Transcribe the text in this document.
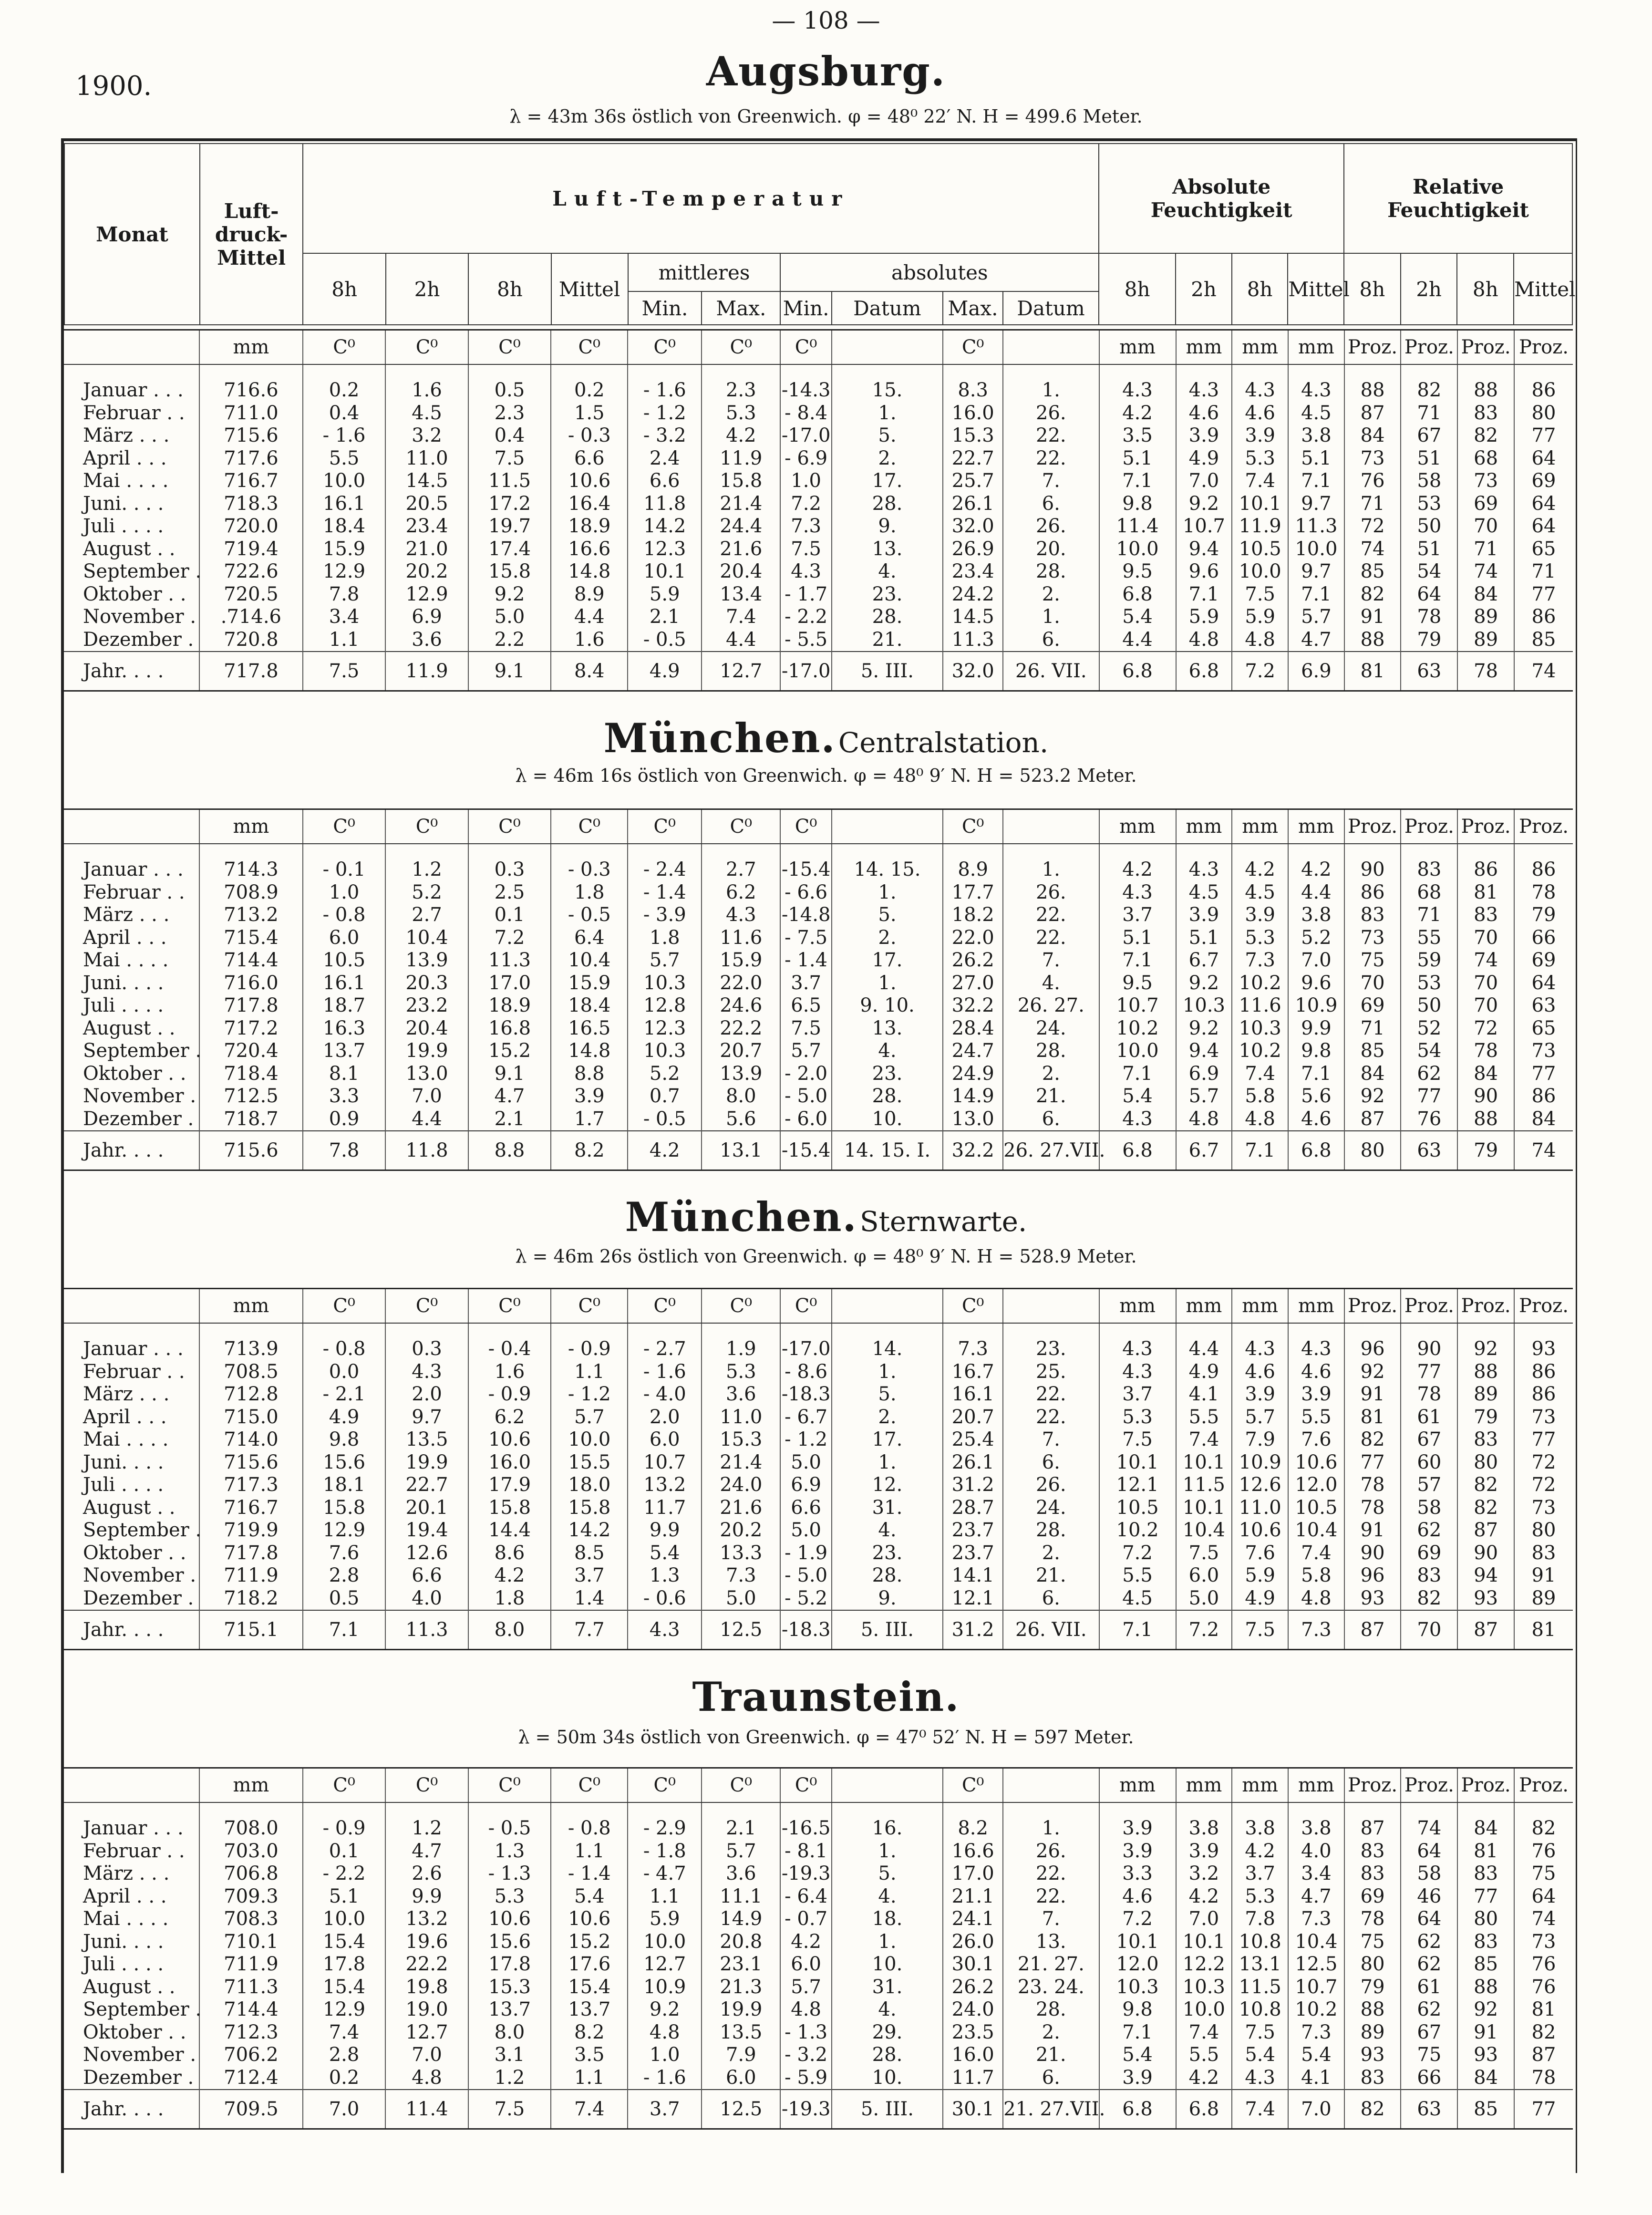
— 108 —
1900.	Augsburg.
λ = 43m 36s östlich von Greenwich. φ = 48⁰ 22′ N. H = 499.6 Meter.
München. Centralstation.
λ = 46m 16s östlich von Greenwich. φ = 48⁰ 9′ N. H = 523.2 Meter.
München. Sternwarte.
λ = 46m 26s östlich von Greenwich. φ = 48⁰ 9′ N. H = 528.9 Meter.
Traunstein.
λ = 50m 34s östlich von Greenwich. φ = 47⁰ 52′ N. H = 597 Meter.
Monat	Luft-druck-Mittel	Luft-Temperatur										Absolute Feuchtigkeit				Relative Feuchtigkeit			
		8h	2h	8h	Mittel	mittleres		absolutes				8h	2h	8h	Mittel	8h	2h	8h	Mittel
						Min.	Max.	Min.	Datum	Max.	Datum								
	mm	C⁰	C⁰	C⁰	C⁰	C⁰	C⁰	C⁰		C⁰		mm	mm	mm	mm	Proz.	Proz.	Proz.	Proz.
Januar . . .	716.6	0.2	1.6	0.5	0.2	- 1.6	2.3	-14.3	15.	8.3	1.	4.3	4.3	4.3	4.3	88	82	88	86
Februar . .	711.0	0.4	4.5	2.3	1.5	- 1.2	5.3	- 8.4	1.	16.0	26.	4.2	4.6	4.6	4.5	87	71	83	80
März . . .	715.6	- 1.6	3.2	0.4	- 0.3	- 3.2	4.2	-17.0	5.	15.3	22.	3.5	3.9	3.9	3.8	84	67	82	77
April . . .	717.6	5.5	11.0	7.5	6.6	2.4	11.9	- 6.9	2.	22.7	22.	5.1	4.9	5.3	5.1	73	51	68	64
Mai . . . .	716.7	10.0	14.5	11.5	10.6	6.6	15.8	1.0	17.	25.7	7.	7.1	7.0	7.4	7.1	76	58	73	69
Juni. . . .	718.3	16.1	20.5	17.2	16.4	11.8	21.4	7.2	28.	26.1	6.	9.8	9.2	10.1	9.7	71	53	69	64
Juli . . . .	720.0	18.4	23.4	19.7	18.9	14.2	24.4	7.3	9.	32.0	26.	11.4	10.7	11.9	11.3	72	50	70	64
August . .	719.4	15.9	21.0	17.4	16.6	12.3	21.6	7.5	13.	26.9	20.	10.0	9.4	10.5	10.0	74	51	71	65
September .	722.6	12.9	20.2	15.8	14.8	10.1	20.4	4.3	4.	23.4	28.	9.5	9.6	10.0	9.7	85	54	74	71
Oktober . .	720.5	7.8	12.9	9.2	8.9	5.9	13.4	- 1.7	23.	24.2	2.	6.8	7.1	7.5	7.1	82	64	84	77
November .	.714.6	3.4	6.9	5.0	4.4	2.1	7.4	- 2.2	28.	14.5	1.	5.4	5.9	5.9	5.7	91	78	89	86
Dezember .	720.8	1.1	3.6	2.2	1.6	- 0.5	4.4	- 5.5	21.	11.3	6.	4.4	4.8	4.8	4.7	88	79	89	85
Jahr. . . .	717.8	7.5	11.9	9.1	8.4	4.9	12.7	-17.0	5. III.	32.0	26. VII.	6.8	6.8	7.2	6.9	81	63	78	74
	mm	C⁰	C⁰	C⁰	C⁰	C⁰	C⁰	C⁰		C⁰		mm	mm	mm	mm	Proz.	Proz.	Proz.	Proz.
Januar . . .	714.3	- 0.1	1.2	0.3	- 0.3	- 2.4	2.7	-15.4	14. 15.	8.9	1.	4.2	4.3	4.2	4.2	90	83	86	86
Februar . .	708.9	1.0	5.2	2.5	1.8	- 1.4	6.2	- 6.6	1.	17.7	26.	4.3	4.5	4.5	4.4	86	68	81	78
März . . .	713.2	- 0.8	2.7	0.1	- 0.5	- 3.9	4.3	-14.8	5.	18.2	22.	3.7	3.9	3.9	3.8	83	71	83	79
April . . .	715.4	6.0	10.4	7.2	6.4	1.8	11.6	- 7.5	2.	22.0	22.	5.1	5.1	5.3	5.2	73	55	70	66
Mai . . . .	714.4	10.5	13.9	11.3	10.4	5.7	15.9	- 1.4	17.	26.2	7.	7.1	6.7	7.3	7.0	75	59	74	69
Juni. . . .	716.0	16.1	20.3	17.0	15.9	10.3	22.0	3.7	1.	27.0	4.	9.5	9.2	10.2	9.6	70	53	70	64
Juli . . . .	717.8	18.7	23.2	18.9	18.4	12.8	24.6	6.5	9. 10.	32.2	26. 27.	10.7	10.3	11.6	10.9	69	50	70	63
August . .	717.2	16.3	20.4	16.8	16.5	12.3	22.2	7.5	13.	28.4	24.	10.2	9.2	10.3	9.9	71	52	72	65
September .	720.4	13.7	19.9	15.2	14.8	10.3	20.7	5.7	4.	24.7	28.	10.0	9.4	10.2	9.8	85	54	78	73
Oktober . .	718.4	8.1	13.0	9.1	8.8	5.2	13.9	- 2.0	23.	24.9	2.	7.1	6.9	7.4	7.1	84	62	84	77
November .	712.5	3.3	7.0	4.7	3.9	0.7	8.0	- 5.0	28.	14.9	21.	5.4	5.7	5.8	5.6	92	77	90	86
Dezember .	718.7	0.9	4.4	2.1	1.7	- 0.5	5.6	- 6.0	10.	13.0	6.	4.3	4.8	4.8	4.6	87	76	88	84
Jahr. . . .	715.6	7.8	11.8	8.8	8.2	4.2	13.1	-15.4	14. 15. I.	32.2	26. 27.VII.	6.8	6.7	7.1	6.8	80	63	79	74
	mm	C⁰	C⁰	C⁰	C⁰	C⁰	C⁰	C⁰		C⁰		mm	mm	mm	mm	Proz.	Proz.	Proz.	Proz.
Januar . . .	713.9	- 0.8	0.3	- 0.4	- 0.9	- 2.7	1.9	-17.0	14.	7.3	23.	4.3	4.4	4.3	4.3	96	90	92	93
Februar . .	708.5	0.0	4.3	1.6	1.1	- 1.6	5.3	- 8.6	1.	16.7	25.	4.3	4.9	4.6	4.6	92	77	88	86
März . . .	712.8	- 2.1	2.0	- 0.9	- 1.2	- 4.0	3.6	-18.3	5.	16.1	22.	3.7	4.1	3.9	3.9	91	78	89	86
April . . .	715.0	4.9	9.7	6.2	5.7	2.0	11.0	- 6.7	2.	20.7	22.	5.3	5.5	5.7	5.5	81	61	79	73
Mai . . . .	714.0	9.8	13.5	10.6	10.0	6.0	15.3	- 1.2	17.	25.4	7.	7.5	7.4	7.9	7.6	82	67	83	77
Juni. . . .	715.6	15.6	19.9	16.0	15.5	10.7	21.4	5.0	1.	26.1	6.	10.1	10.1	10.9	10.6	77	60	80	72
Juli . . . .	717.3	18.1	22.7	17.9	18.0	13.2	24.0	6.9	12.	31.2	26.	12.1	11.5	12.6	12.0	78	57	82	72
August . .	716.7	15.8	20.1	15.8	15.8	11.7	21.6	6.6	31.	28.7	24.	10.5	10.1	11.0	10.5	78	58	82	73
September .	719.9	12.9	19.4	14.4	14.2	9.9	20.2	5.0	4.	23.7	28.	10.2	10.4	10.6	10.4	91	62	87	80
Oktober . .	717.8	7.6	12.6	8.6	8.5	5.4	13.3	- 1.9	23.	23.7	2.	7.2	7.5	7.6	7.4	90	69	90	83
November .	711.9	2.8	6.6	4.2	3.7	1.3	7.3	- 5.0	28.	14.1	21.	5.5	6.0	5.9	5.8	96	83	94	91
Dezember .	718.2	0.5	4.0	1.8	1.4	- 0.6	5.0	- 5.2	9.	12.1	6.	4.5	5.0	4.9	4.8	93	82	93	89
Jahr. . . .	715.1	7.1	11.3	8.0	7.7	4.3	12.5	-18.3	5. III.	31.2	26. VII.	7.1	7.2	7.5	7.3	87	70	87	81
	mm	C⁰	C⁰	C⁰	C⁰	C⁰	C⁰	C⁰		C⁰		mm	mm	mm	mm	Proz.	Proz.	Proz.	Proz.
Januar . . .	708.0	- 0.9	1.2	- 0.5	- 0.8	- 2.9	2.1	-16.5	16.	8.2	1.	3.9	3.8	3.8	3.8	87	74	84	82
Februar . .	703.0	0.1	4.7	1.3	1.1	- 1.8	5.7	- 8.1	1.	16.6	26.	3.9	3.9	4.2	4.0	83	64	81	76
März . . .	706.8	- 2.2	2.6	- 1.3	- 1.4	- 4.7	3.6	-19.3	5.	17.0	22.	3.3	3.2	3.7	3.4	83	58	83	75
April . . .	709.3	5.1	9.9	5.3	5.4	1.1	11.1	- 6.4	4.	21.1	22.	4.6	4.2	5.3	4.7	69	46	77	64
Mai . . . .	708.3	10.0	13.2	10.6	10.6	5.9	14.9	- 0.7	18.	24.1	7.	7.2	7.0	7.8	7.3	78	64	80	74
Juni. . . .	710.1	15.4	19.6	15.6	15.2	10.0	20.8	4.2	1.	26.0	13.	10.1	10.1	10.8	10.4	75	62	83	73
Juli . . . .	711.9	17.8	22.2	17.8	17.6	12.7	23.1	6.0	10.	30.1	21. 27.	12.0	12.2	13.1	12.5	80	62	85	76
August . .	711.3	15.4	19.8	15.3	15.4	10.9	21.3	5.7	31.	26.2	23. 24.	10.3	10.3	11.5	10.7	79	61	88	76
September .	714.4	12.9	19.0	13.7	13.7	9.2	19.9	4.8	4.	24.0	28.	9.8	10.0	10.8	10.2	88	62	92	81
Oktober . .	712.3	7.4	12.7	8.0	8.2	4.8	13.5	- 1.3	29.	23.5	2.	7.1	7.4	7.5	7.3	89	67	91	82
November .	706.2	2.8	7.0	3.1	3.5	1.0	7.9	- 3.2	28.	16.0	21.	5.4	5.5	5.4	5.4	93	75	93	87
Dezember .	712.4	0.2	4.8	1.2	1.1	- 1.6	6.0	- 5.9	10.	11.7	6.	3.9	4.2	4.3	4.1	83	66	84	78
Jahr. . . .	709.5	7.0	11.4	7.5	7.4	3.7	12.5	-19.3	5. III.	30.1	21. 27.VII.	6.8	6.8	7.4	7.0	82	63	85	77
